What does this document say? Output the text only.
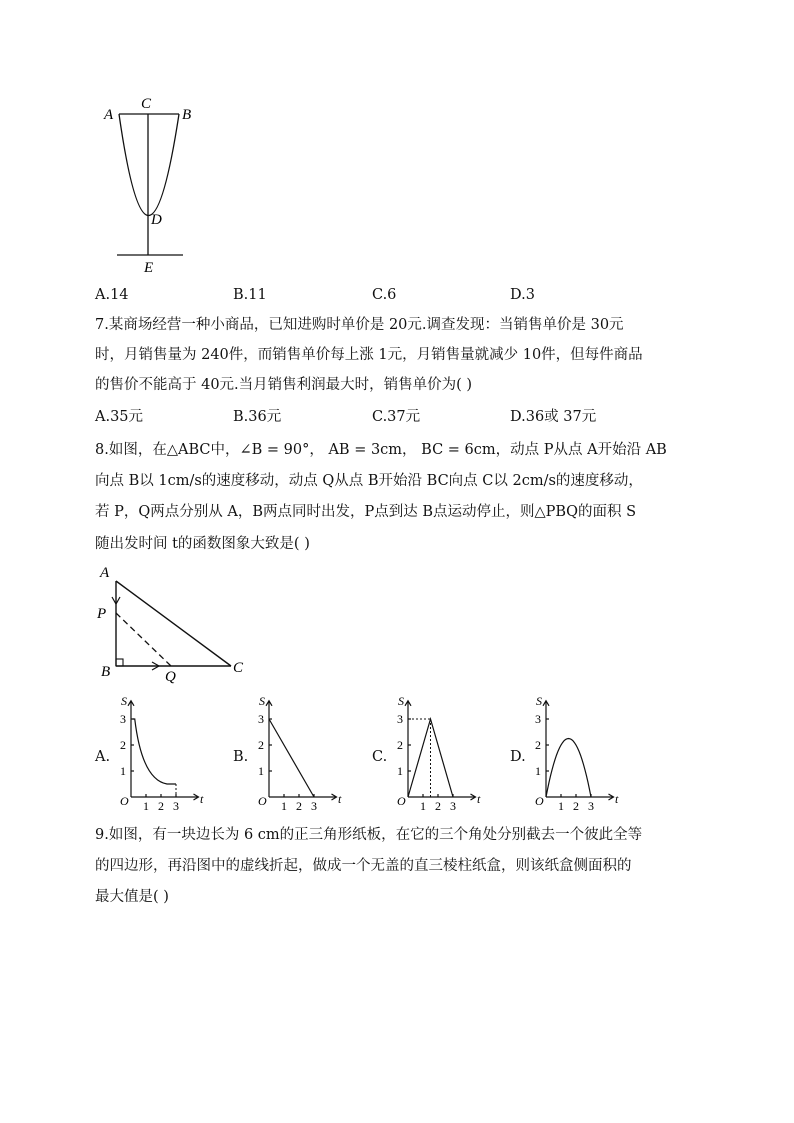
A
C
B
D
E
A.14	B.11	C.6	D.3
7.某商场经营一种小商品，已知进购时单价是 20元.调查发现：当销售单价是 30元
时，月销售量为 240件，而销售单价每上涨 1元，月销售量就减少 10件，但每件商品
的售价不能高于 40元.当月销售利润最大时，销售单价为( )
A.35元	B.36元	C.37元	D.36或 37元
8.如图，在△ABC中，∠B = 90°， AB = 3cm， BC = 6cm，动点 P从点 A开始沿 AB
向点 B以 1cm/s的速度移动，动点 Q从点 B开始沿 BC向点 C以 2cm/s的速度移动，
若 P，Q两点分别从 A，B两点同时出发，P点到达 B点运动停止，则△PBQ的面积 S
随出发时间 t的函数图象大致是( )
A
P
B	Q
C
A.
S
t
O 1 2 3
1
2
3
B.
S
t
O 1 2 3
1
2
3
C.
S
t
O 1 2 3
1
2
3
D.
S
t
O 1 2 3
1
2
3
9.如图，有一块边长为 6 cm的正三角形纸板，在它的三个角处分别截去一个彼此全等
的四边形，再沿图中的虚线折起，做成一个无盖的直三棱柱纸盒，则该纸盒侧面积的
最大值是( )
